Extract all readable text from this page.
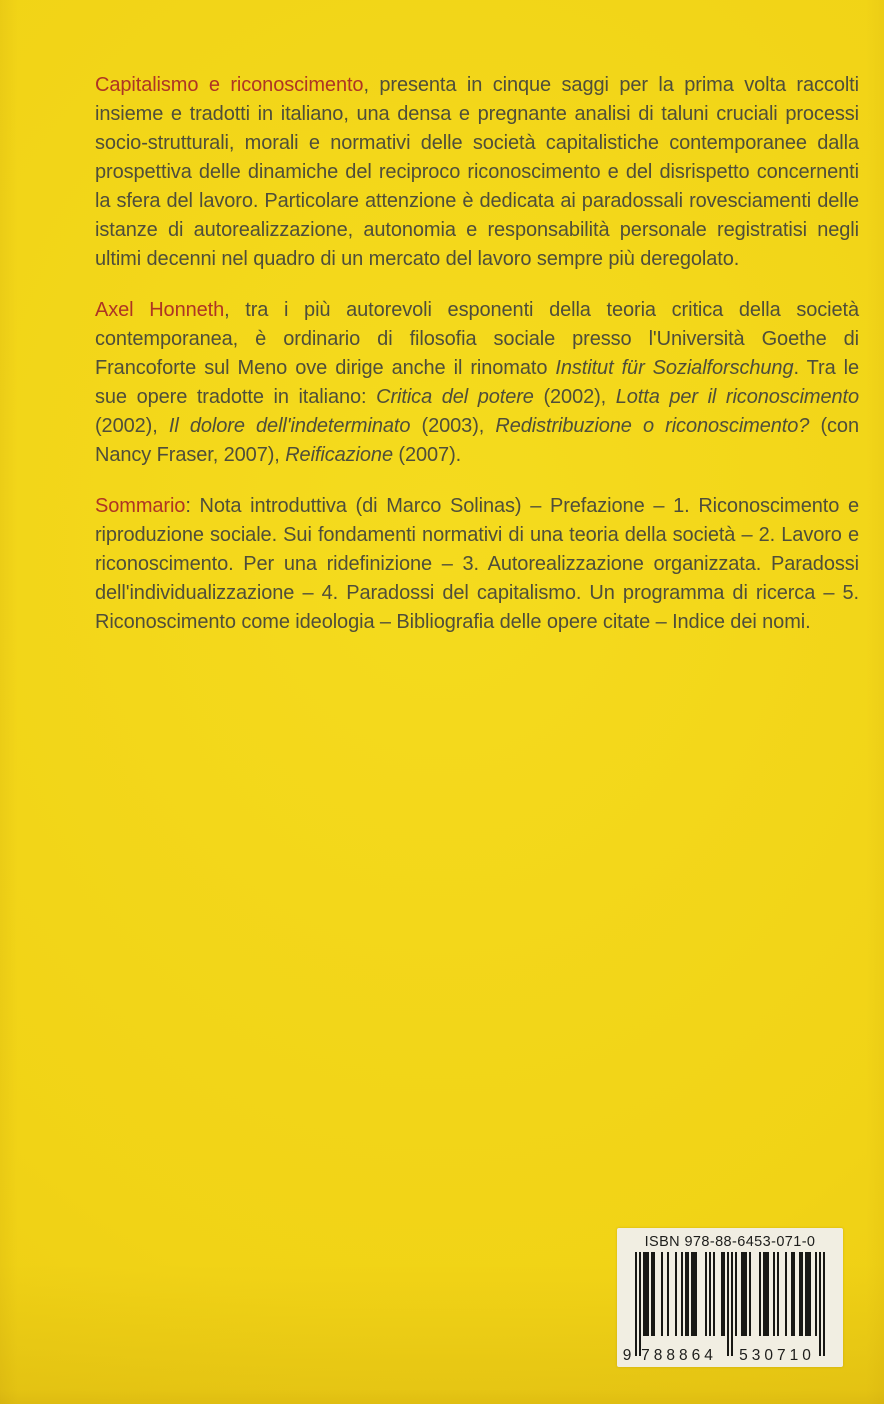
Capitalismo e riconoscimento, presenta in cinque saggi per la prima volta raccolti insieme e tradotti in italiano, una densa e pregnante analisi di taluni cruciali processi socio-strutturali, morali e normativi delle società capitalistiche contemporanee dalla prospettiva delle dinamiche del reciproco riconoscimento e del disrispetto concernenti la sfera del lavoro. Particolare attenzione è dedicata ai paradossali rovesciamenti delle istanze di autorealizzazione, autonomia e responsabilità personale registratisi negli ultimi decenni nel quadro di un mercato del lavoro sempre più deregolato.

Axel Honneth, tra i più autorevoli esponenti della teoria critica della società contemporanea, è ordinario di filosofia sociale presso l'Università Goethe di Francoforte sul Meno ove dirige anche il rinomato Institut für Sozialforschung. Tra le sue opere tradotte in italiano: Critica del potere (2002), Lotta per il riconoscimento (2002), Il dolore dell'indeterminato (2003), Redistribuzione o riconoscimento? (con Nancy Fraser, 2007), Reificazione (2007).

Sommario: Nota introduttiva (di Marco Solinas) – Prefazione – 1. Riconoscimento e riproduzione sociale. Sui fondamenti normativi di una teoria della società – 2. Lavoro e riconoscimento. Per una ridefinizione – 3. Autorealizzazione organizzata. Paradossi dell'individualizzazione – 4. Paradossi del capitalismo. Un programma di ricerca – 5. Riconoscimento come ideologia – Bibliografia delle opere citate – Indice dei nomi.

ISBN 978-88-6453-071-0
9 788864	530710
